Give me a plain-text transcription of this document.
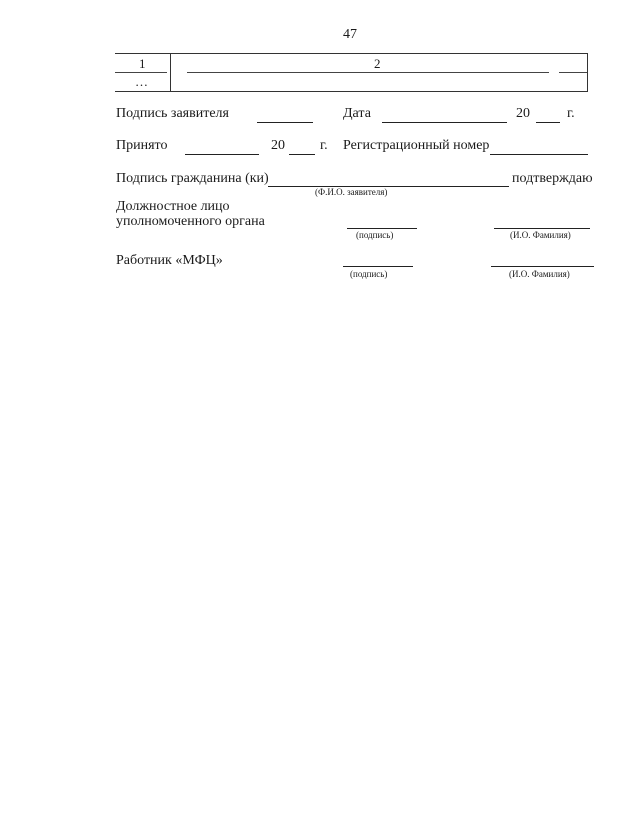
47
1	2
…
Подпись заявителя	Дата	20	г.
Принято	20	г. Регистрационный номер
Подпись гражданина (ки)	подтверждаю
(Ф.И.О. заявителя)
Должностное лицо
уполномоченного органа
(подпись)	(И.О. Фамилия)
Работник «МФЦ»
(подпись)	(И.О. Фамилия)
